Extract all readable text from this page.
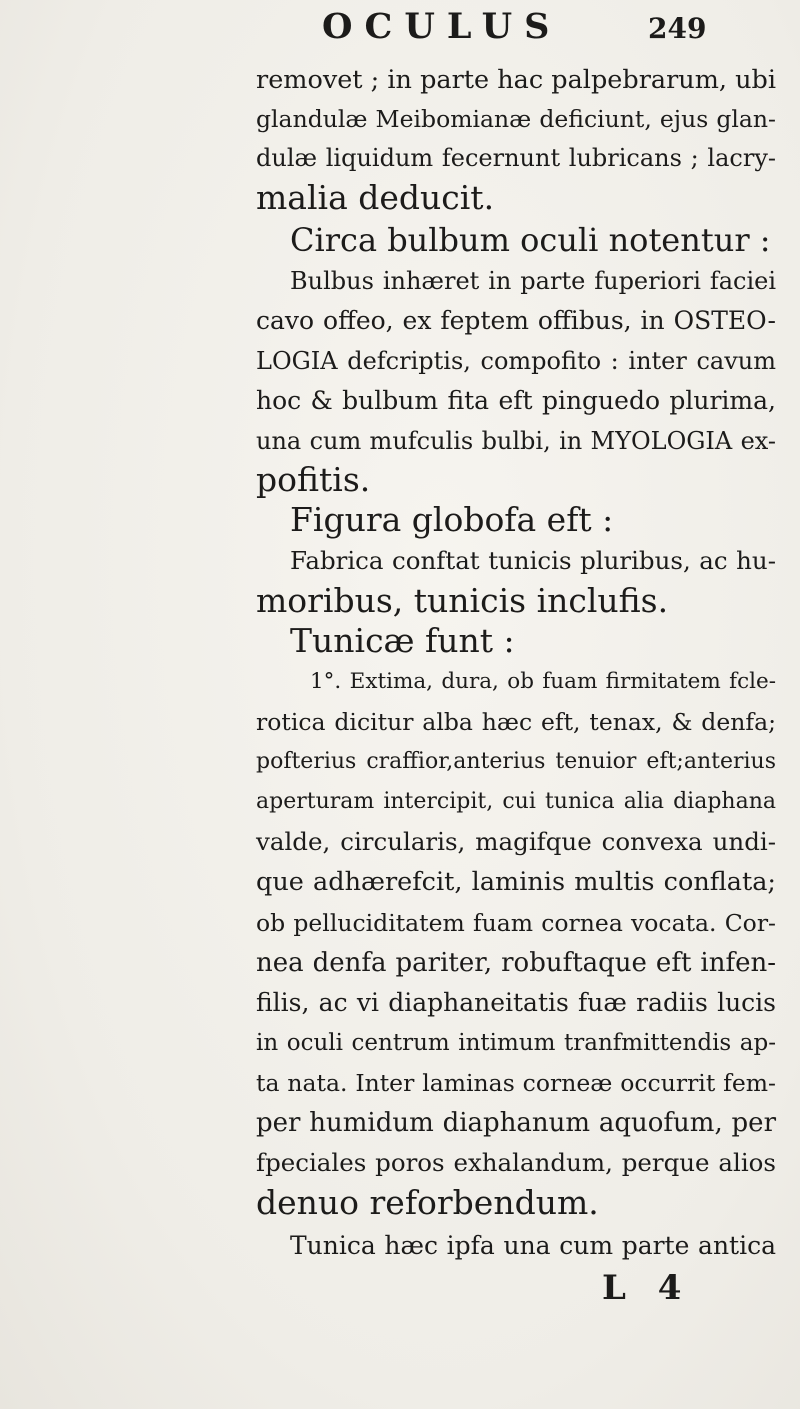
OCULUS	249
removet ; in parte hac palpebrarum, ubi
glandulæ Meibomianæ deficiunt, ejus glan-
dulæ liquidum fecernunt lubricans ; lacry-
malia deducit.
Circa bulbum oculi notentur :
Bulbus inhæret in parte fuperiori faciei
cavo offeo, ex feptem offibus, in OSTEO-
LOGIA defcriptis, compofito : inter cavum
hoc & bulbum fita eft pinguedo plurima,
una cum mufculis bulbi, in MYOLOGIA ex-
pofitis.
Figura globofa eft :
Fabrica conftat tunicis pluribus, ac hu-
moribus, tunicis inclufis.
Tunicæ funt :
1°. Extima, dura, ob fuam firmitatem fcle-
rotica dicitur alba hæc eft, tenax, & denfa;
pofterius craffior,anterius tenuior eft;anterius
aperturam intercipit, cui tunica alia diaphana
valde, circularis, magifque convexa undi-
que adhærefcit, laminis multis conflata;
ob pelluciditatem fuam cornea vocata. Cor-
nea denfa pariter, robuftaque eft infen-
filis, ac vi diaphaneitatis fuæ radiis lucis
in oculi centrum intimum tranfmittendis ap-
ta nata. Inter laminas corneæ occurrit fem-
per humidum diaphanum aquofum, per
fpeciales poros exhalandum, perque alios
denuo reforbendum.
Tunica hæc ipfa una cum parte antica
L 4
